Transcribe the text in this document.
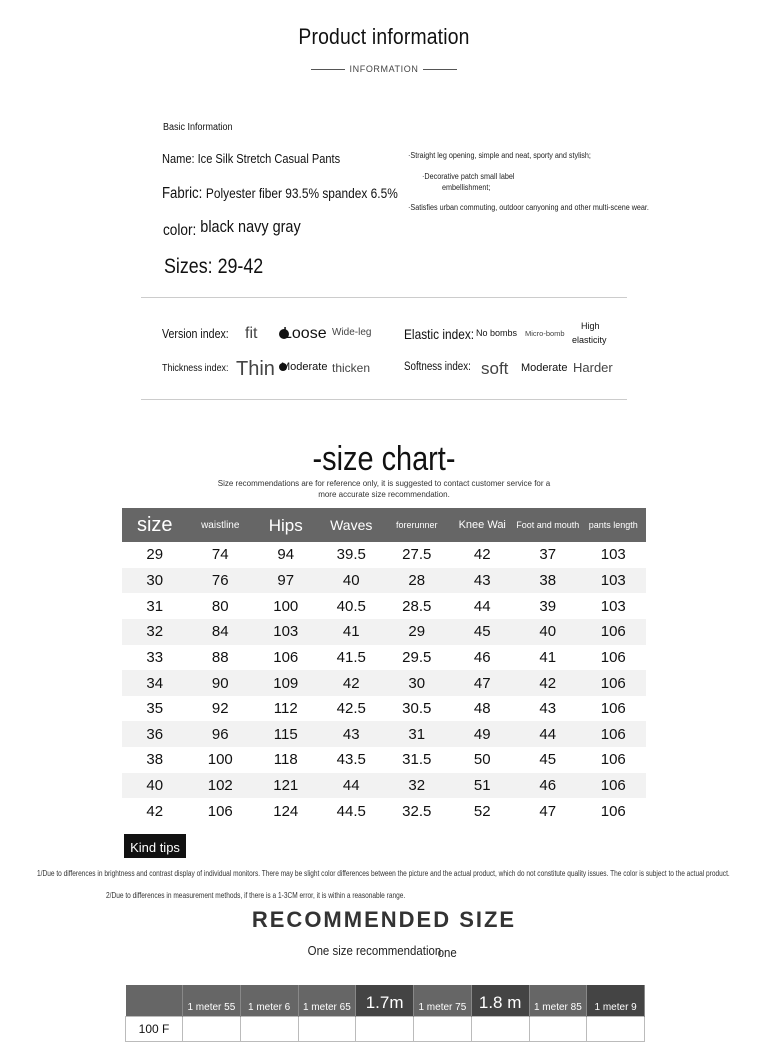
Product information
INFORMATION
Basic Information
Name: Ice Silk Stretch Casual Pants
Fabric: Polyester fiber 93.5% spandex 6.5%
color: black navy gray
Sizes: 29-42
·Straight leg opening, simple and neat, sporty and stylish;
·Decorative patch small label
embellishment;
·Satisfies urban commuting, outdoor canyoning and other multi-scene wear.
Version index: fit Loose Wide-leg Elastic index: No bombs Micro-bomb
High
elasticity
Thickness index: Thin Moderate thicken	Softness index: soft Moderate Harder
-size chart-
Size recommendations are for reference only, it is suggested to contact customer service for a more accurate size recommendation.
size	waistline	Hips	Waves	forerunner	Knee Wai	Foot and mouth	pants length
29	74	94	39.5	27.5	42	37	103
30	76	97	40	28	43	38	103
31	80	100	40.5	28.5	44	39	103
32	84	103	41	29	45	40	106
33	88	106	41.5	29.5	46	41	106
34	90	109	42	30	47	42	106
35	92	112	42.5	30.5	48	43	106
36	96	115	43	31	49	44	106
38	100	118	43.5	31.5	50	45	106
40	102	121	44	32	51	46	106
42	106	124	44.5	32.5	52	47	106
Kind tips
1/Due to differences in brightness and contrast display of individual monitors. There may be slight color differences between the picture and the actual product, which do not constitute quality issues. The color is subject to the actual product.
2/Due to differences in measurement methods, if there is a 1-3CM error, it is within a reasonable range.
RECOMMENDED SIZE
One size recommendationone
	1 meter 55	1 meter 6	1 meter 65	1.7m	1 meter 75	1.8 m	1 meter 85	1 meter 9
100 F								
